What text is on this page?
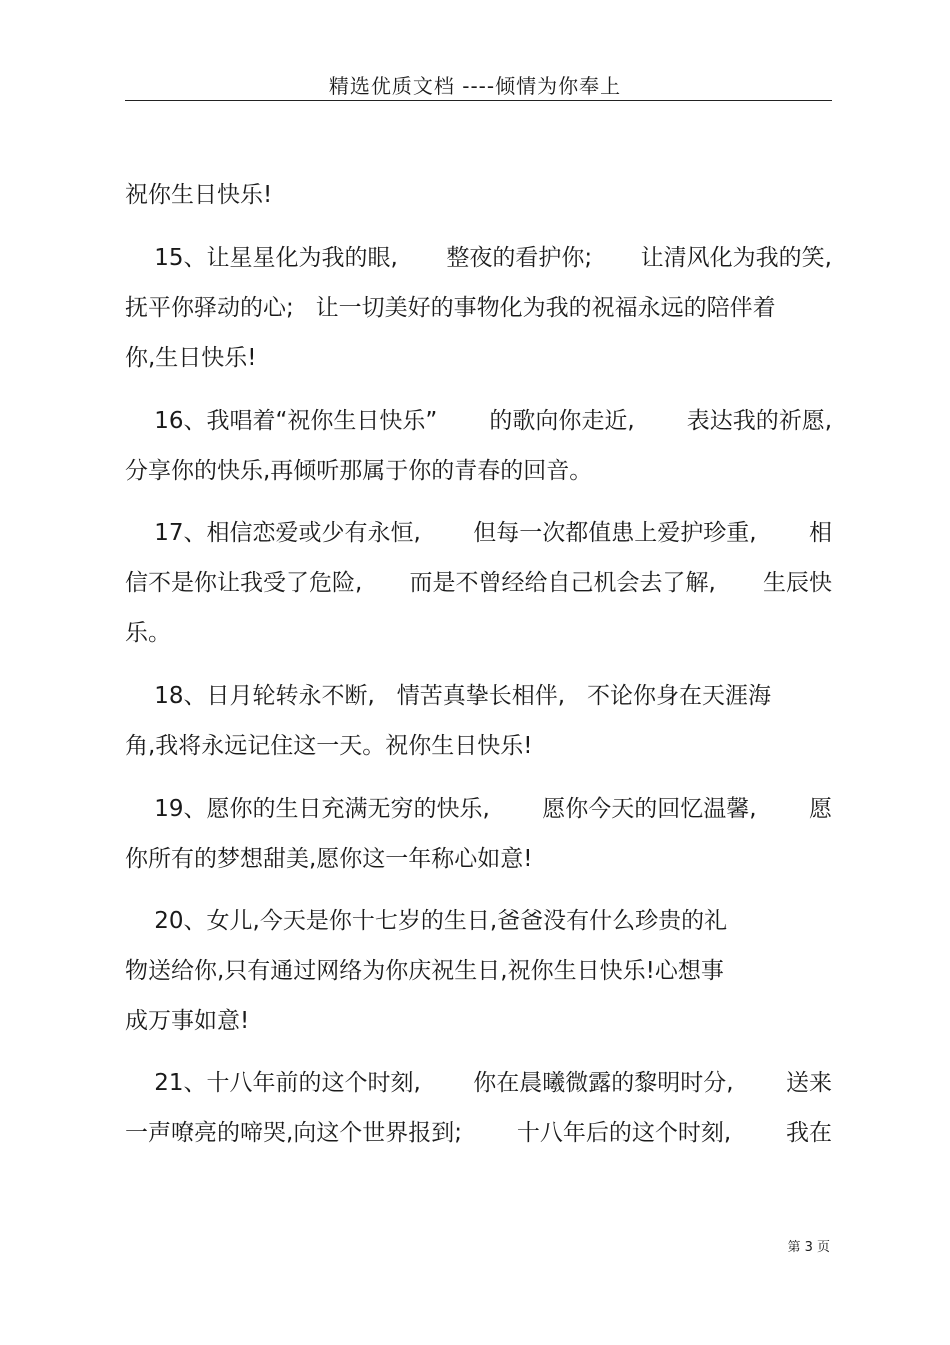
精选优质文档 ----倾情为你奉上
祝你生日快乐!
15、让星星化为我的眼, 整夜的看护你; 让清风化为我的笑,
抚平你驿动的心;   让一切美好的事物化为我的祝福永远的陪伴着
你,生日快乐!
16、我唱着“祝你生日快乐” 的歌向你走近, 表达我的祈愿,
分享你的快乐,再倾听那属于你的青春的回音。
17、相信恋爱或少有永恒, 但每一次都值患上爱护珍重, 相
信不是你让我受了危险, 而是不曾经给自己机会去了解, 生辰快
乐。
18、日月轮转永不断,   情苦真挚长相伴,   不论你身在天涯海
角,我将永远记住这一天。祝你生日快乐!
19、愿你的生日充满无穷的快乐, 愿你今天的回忆温馨, 愿
你所有的梦想甜美,愿你这一年称心如意!
20、女儿,今天是你十七岁的生日,爸爸没有什么珍贵的礼
物送给你,只有通过网络为你庆祝生日,祝你生日快乐!心想事
成万事如意!
21、十八年前的这个时刻, 你在晨曦微露的黎明时分, 送来
一声嘹亮的啼哭,向这个世界报到; 十八年后的这个时刻, 我在
第 3 页
